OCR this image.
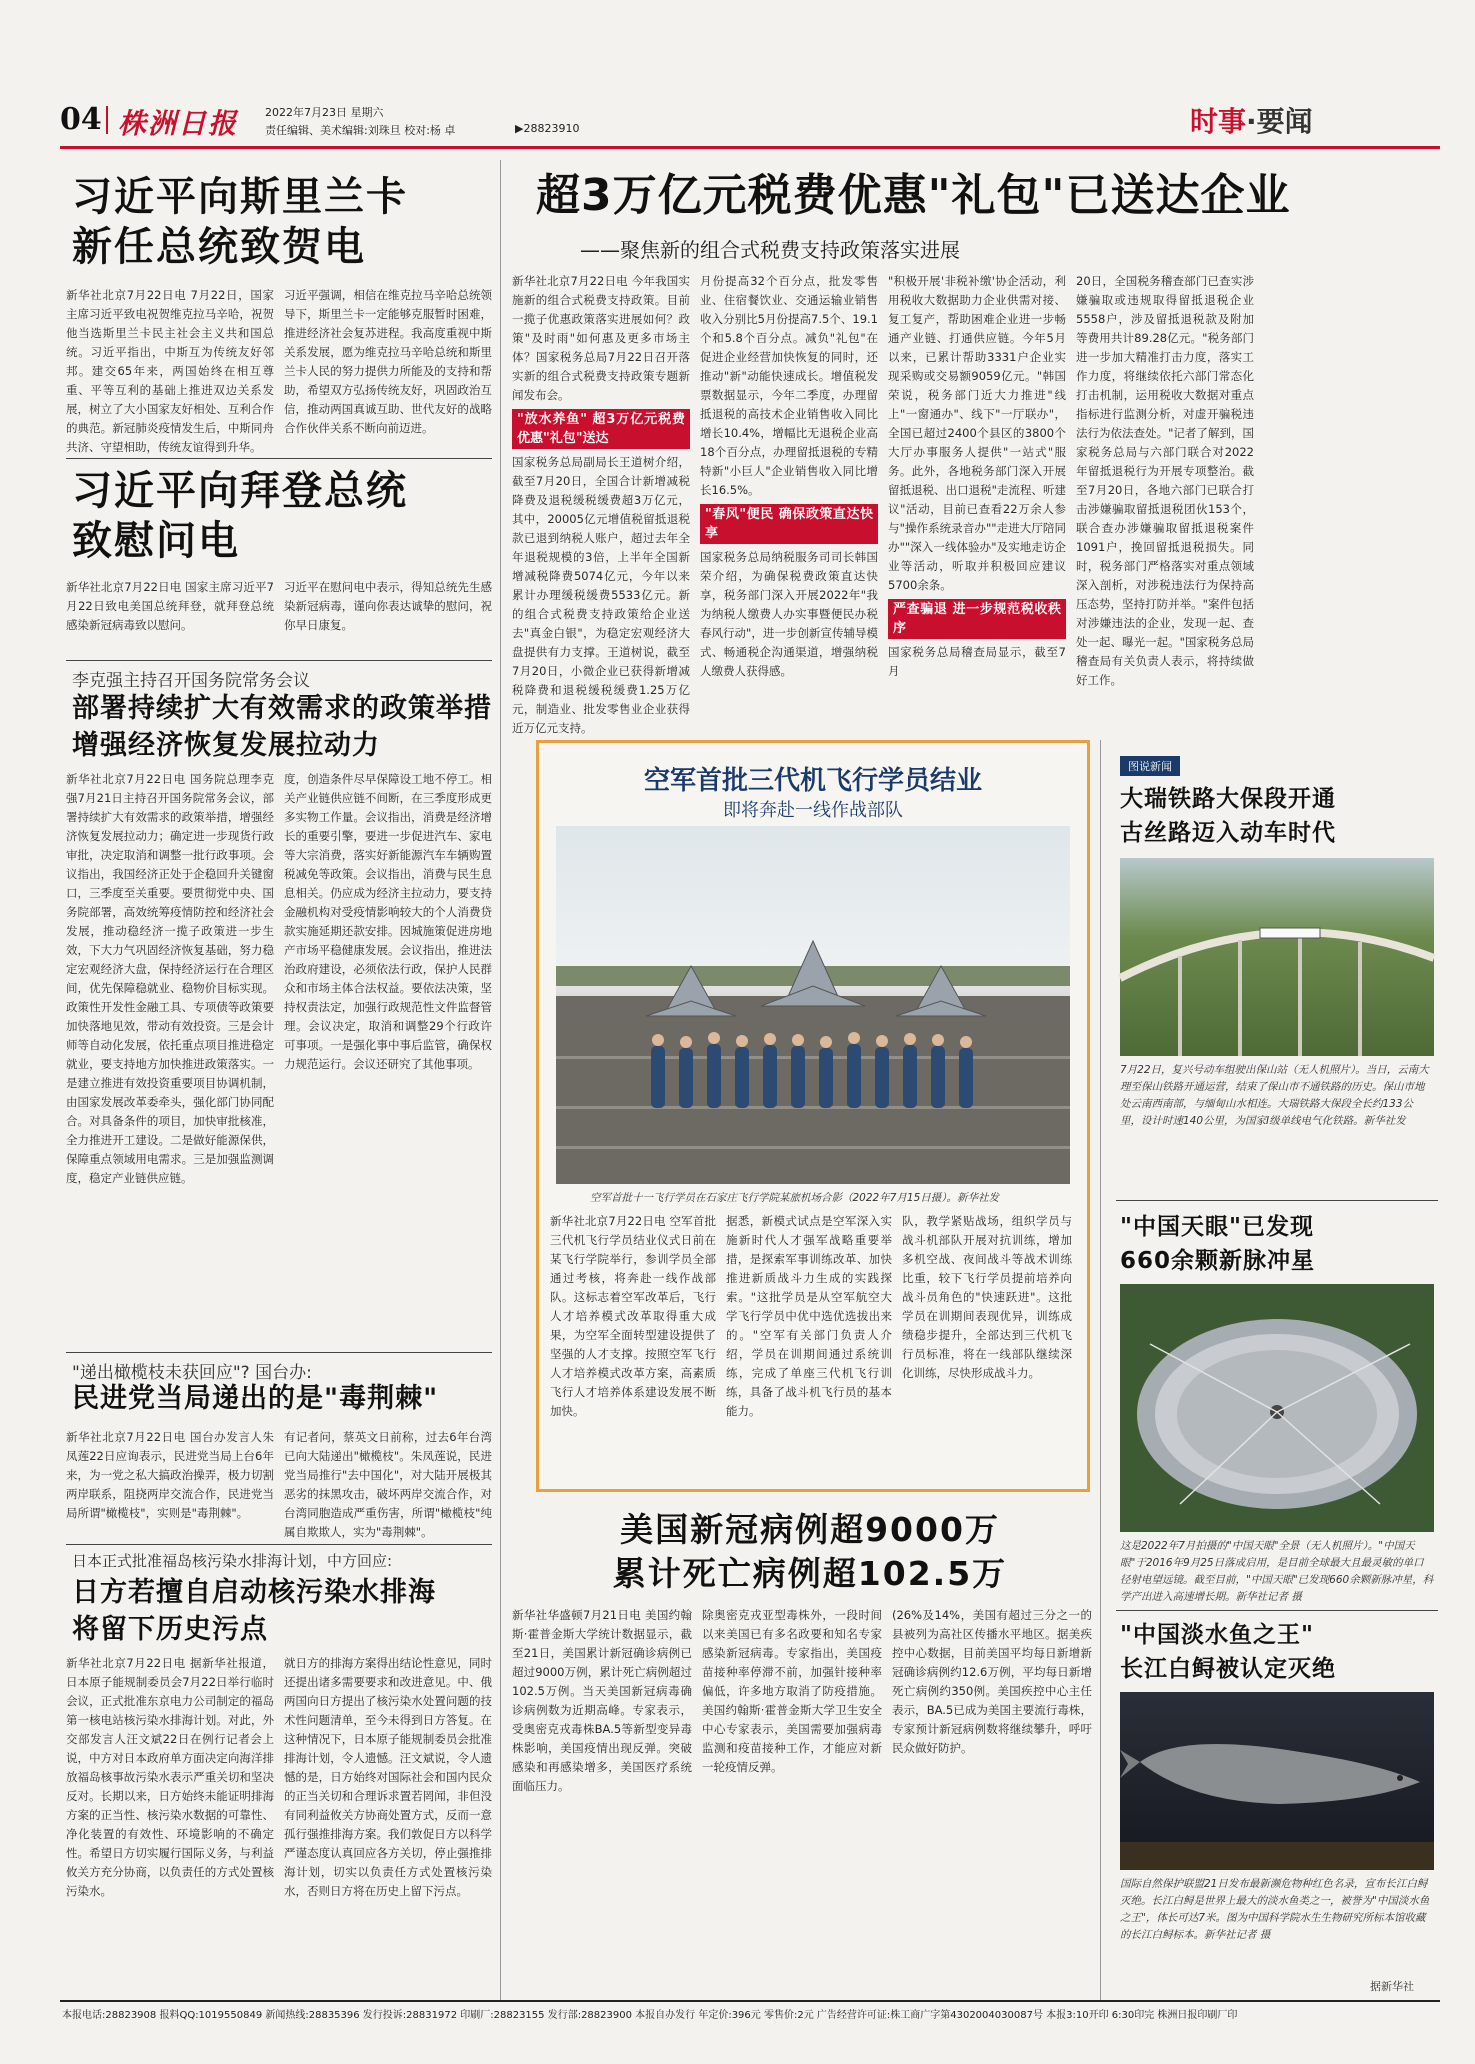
04 株洲日报 2022年7月23日 星期六
责任编辑、美术编辑:刘珠旦 校对:杨 卓	▶28823910	时事·要闻
习近平向斯里兰卡
新任总统致贺电
新华社北京7月22日电 7月22日，国家主席习近平致电祝贺维克拉马辛哈，祝贺他当选斯里兰卡民主社会主义共和国总统。习近平指出，中斯互为传统友好邻邦。建交65年来，两国始终在相互尊重、平等互利的基础上推进双边关系发展，树立了大小国家友好相处、互利合作的典范。新冠肺炎疫情发生后，中斯同舟共济、守望相助，传统友谊得到升华。
习近平强调，相信在维克拉马辛哈总统领导下，斯里兰卡一定能够克服暂时困难，推进经济社会复苏进程。我高度重视中斯关系发展，愿为维克拉马辛哈总统和斯里兰卡人民的努力提供力所能及的支持和帮助，希望双方弘扬传统友好，巩固政治互信，推动两国真诚互助、世代友好的战略合作伙伴关系不断向前迈进。
习近平向拜登总统
致慰问电
新华社北京7月22日电 国家主席习近平7月22日致电美国总统拜登，就拜登总统感染新冠病毒致以慰问。
习近平在慰问电中表示，得知总统先生感染新冠病毒，谨向你表达诚挚的慰问，祝你早日康复。
李克强主持召开国务院常务会议
部署持续扩大有效需求的政策举措
增强经济恢复发展拉动力
新华社北京7月22日电 国务院总理李克强7月21日主持召开国务院常务会议，部署持续扩大有效需求的政策举措，增强经济恢复发展拉动力；确定进一步现货行政审批，决定取消和调整一批行政事项。会议指出，我国经济正处于企稳回升关键窗口，三季度至关重要。要贯彻党中央、国务院部署，高效统筹疫情防控和经济社会发展，推动稳经济一揽子政策进一步生效，下大力气巩固经济恢复基础，努力稳定宏观经济大盘，保持经济运行在合理区间，优先保障稳就业、稳物价目标实现。政策性开发性金融工具、专项债等政策要加快落地见效，带动有效投资。三是会计师等自动化发展，依托重点项目推进稳定就业，要支持地方加快推进政策落实。一是建立推进有效投资重要项目协调机制，由国家发展改革委牵头，强化部门协同配合。对具备条件的项目，加快审批核准，全力推进开工建设。二是做好能源保供，保障重点领域用电需求。三是加强监测调度，稳定产业链供应链。
度，创造条件尽早保障设工地不停工。相关产业链供应链不间断，在三季度形成更多实物工作量。会议指出，消费是经济增长的重要引擎，要进一步促进汽车、家电等大宗消费，落实好新能源汽车车辆购置税减免等政策。会议指出，消费与民生息息相关。仍应成为经济主拉动力，要支持金融机构对受疫情影响较大的个人消费贷款实施延期还款安排。因城施策促进房地产市场平稳健康发展。会议指出，推进法治政府建设，必须依法行政，保护人民群众和市场主体合法权益。要依法决策，坚持权责法定，加强行政规范性文件监督管理。会议决定，取消和调整29个行政许可事项。一是强化事中事后监管，确保权力规范运行。会议还研究了其他事项。
"递出橄榄枝未获回应"? 国台办:
民进党当局递出的是"毒荆棘"
新华社北京7月22日电 国台办发言人朱凤莲22日应询表示，民进党当局上台6年来，为一党之私大搞政治操弄，极力切割两岸联系，阻挠两岸交流合作，民进党当局所谓"橄榄枝"，实则是"毒荆棘"。
有记者问，蔡英文日前称，过去6年台湾已向大陆递出"橄榄枝"。朱凤莲说，民进党当局推行"去中国化"，对大陆开展极其恶劣的抹黑攻击，破坏两岸交流合作，对台湾同胞造成严重伤害，所谓"橄榄枝"纯属自欺欺人，实为"毒荆棘"。
日本正式批准福岛核污染水排海计划，中方回应:
日方若擅自启动核污染水排海
将留下历史污点
新华社北京7月22日电 据新华社报道，日本原子能规制委员会7月22日举行临时会议，正式批准东京电力公司制定的福岛第一核电站核污染水排海计划。对此，外交部发言人汪文斌22日在例行记者会上说，中方对日本政府单方面决定向海洋排放福岛核事故污染水表示严重关切和坚决反对。长期以来，日方始终未能证明排海方案的正当性、核污染水数据的可靠性、净化装置的有效性、环境影响的不确定性。希望日方切实履行国际义务，与利益攸关方充分协商，以负责任的方式处置核污染水。
就日方的排海方案得出结论性意见，同时还提出诸多需要要求和改进意见。中、俄两国向日方提出了核污染水处置问题的技术性问题清单，至今未得到日方答复。在这种情况下，日本原子能规制委员会批准排海计划，令人遗憾。汪文斌说，令人遗憾的是，日方始终对国际社会和国内民众的正当关切和合理诉求置若罔闻，非但没有同利益攸关方协商处置方式，反而一意孤行强推排海方案。我们敦促日方以科学严谨态度认真回应各方关切，停止强推排海计划，切实以负责任方式处置核污染水，否则日方将在历史上留下污点。
超3万亿元税费优惠"礼包"已送达企业
——聚焦新的组合式税费支持政策落实进展
新华社北京7月22日电 今年我国实施新的组合式税费支持政策。目前一揽子优惠政策落实进展如何？政策"及时雨"如何惠及更多市场主体？国家税务总局7月22日召开落实新的组合式税费支持政策专题新闻发布会。
"放水养鱼" 超3万亿元税费优惠"礼包"送达
国家税务总局副局长王道树介绍，截至7月20日，全国合计新增减税降费及退税缓税缓费超3万亿元，其中，20005亿元增值税留抵退税款已退到纳税人账户，超过去年全年退税规模的3倍，上半年全国新增减税降费5074亿元，今年以来累计办理缓税缓费5533亿元。新的组合式税费支持政策给企业送去"真金白银"，为稳定宏观经济大盘提供有力支撑。王道树说，截至7月20日，小微企业已获得新增减税降费和退税缓税缓费1.25万亿元，制造业、批发零售业企业获得近万亿元支持。
月份提高32个百分点，批发零售业、住宿餐饮业、交通运输业销售收入分别比5月份提高7.5个、19.1个和5.8个百分点。减负"礼包"在促进企业经营加快恢复的同时，还推动"新"动能快速成长。增值税发票数据显示，今年二季度，办理留抵退税的高技术企业销售收入同比增长10.4%，增幅比无退税企业高18个百分点，办理留抵退税的专精特新"小巨人"企业销售收入同比增长16.5%。
"春风"便民 确保政策直达快享
国家税务总局纳税服务司司长韩国荣介绍，为确保税费政策直达快享，税务部门深入开展2022年"我为纳税人缴费人办实事暨便民办税春风行动"，进一步创新宣传辅导模式、畅通税企沟通渠道，增强纳税人缴费人获得感。
"积极开展'非税补缴'协企活动，利用税收大数据助力企业供需对接、复工复产，帮助困难企业进一步畅通产业链、打通供应链。今年5月以来，已累计帮助3331户企业实现采购或交易额9059亿元。"韩国荣说，税务部门近大力推进"线上"一窗通办"、线下"一厅联办"，全国已超过2400个县区的3800个大厅办事服务人提供"一站式"服务。此外，各地税务部门深入开展留抵退税、出口退税"走流程、听建议"活动，目前已查看22万余人参与"操作系统录音办""走进大厅陪同办""深入一线体验办"及实地走访企业等活动，听取并积极回应建议5700余条。
严查骗退 进一步规范税收秩序
国家税务总局稽查局显示，截至7月
20日，全国税务稽查部门已查实涉嫌骗取或违规取得留抵退税企业5558户，涉及留抵退税款及附加等费用共计89.28亿元。"税务部门进一步加大精准打击力度，落实工作力度，将继续依托六部门常态化打击机制，运用税收大数据对重点指标进行监测分析，对虚开骗税违法行为依法查处。"记者了解到，国家税务总局与六部门联合对2022年留抵退税行为开展专项整治。截至7月20日，各地六部门已联合打击涉嫌骗取留抵退税团伙153个，联合查办涉嫌骗取留抵退税案件1091户，挽回留抵退税损失。同时，税务部门严格落实对重点领域深入剖析，对涉税违法行为保持高压态势，坚持打防并举。"案件包括对涉嫌违法的企业，发现一起、查处一起、曝光一起。"国家税务总局稽查局有关负责人表示，将持续做好工作。
空军首批三代机飞行学员结业
即将奔赴一线作战部队
空军首批十一飞行学员在石家庄飞行学院某旅机场合影（2022年7月15日摄）。新华社发
新华社北京7月22日电 空军首批三代机飞行学员结业仪式日前在某飞行学院举行，参训学员全部通过考核，将奔赴一线作战部队。这标志着空军改革后，飞行人才培养模式改革取得重大成果，为空军全面转型建设提供了坚强的人才支撑。按照空军飞行人才培养模式改革方案，高素质飞行人才培养体系建设发展不断加快。
据悉，新模式试点是空军深入实施新时代人才强军战略重要举措，是探索军事训练改革、加快推进新质战斗力生成的实践探索。"这批学员是从空军航空大学飞行学员中优中选优选拔出来的。"空军有关部门负责人介绍，学员在训期间通过系统训练，完成了单座三代机飞行训练，具备了战斗机飞行员的基本能力。
队，教学紧贴战场，组织学员与战斗机部队开展对抗训练，增加多机空战、夜间战斗等战术训练比重，较下飞行学员提前培养向战斗员角色的"快速跃进"。这批学员在训期间表现优异，训练成绩稳步提升，全部达到三代机飞行员标准，将在一线部队继续深化训练，尽快形成战斗力。
美国新冠病例超9000万
累计死亡病例超102.5万
新华社华盛顿7月21日电 美国约翰斯·霍普金斯大学统计数据显示，截至21日，美国累计新冠确诊病例已超过9000万例，累计死亡病例超过102.5万例。当天美国新冠病毒确诊病例数为近期高峰。专家表示，受奥密克戎毒株BA.5等新型变异毒株影响，美国疫情出现反弹。突破感染和再感染增多，美国医疗系统面临压力。
除奥密克戎亚型毒株外，一段时间以来美国已有多名政要和知名专家感染新冠病毒。专家指出，美国疫苗接种率停滞不前，加强针接种率偏低，许多地方取消了防疫措施。美国约翰斯·霍普金斯大学卫生安全中心专家表示，美国需要加强病毒监测和疫苗接种工作，才能应对新一轮疫情反弹。
(26%及14%，美国有超过三分之一的县被列为高社区传播水平地区。据美疾控中心数据，目前美国平均每日新增新冠确诊病例约12.6万例，平均每日新增死亡病例约350例。美国疾控中心主任表示，BA.5已成为美国主要流行毒株，专家预计新冠病例数将继续攀升，呼吁民众做好防护。
图说新闻
大瑞铁路大保段开通
古丝路迈入动车时代
7月22日，复兴号动车组驶出保山站（无人机照片）。当日，云南大理至保山铁路开通运营，结束了保山市不通铁路的历史。保山市地处云南西南部，与缅甸山水相连。大瑞铁路大保段全长约133公里，设计时速140公里，为国家Ⅰ级单线电气化铁路。新华社发
"中国天眼"已发现
660余颗新脉冲星
这是2022年7月拍摄的"中国天眼"全景（无人机照片）。"中国天眼"于2016年9月25日落成启用，是目前全球最大且最灵敏的单口径射电望远镜。截至目前，"中国天眼"已发现660余颗新脉冲星，科学产出进入高速增长期。新华社记者 摄
"中国淡水鱼之王"
长江白鲟被认定灭绝
国际自然保护联盟21日发布最新濒危物种红色名录，宣布长江白鲟灭绝。长江白鲟是世界上最大的淡水鱼类之一，被誉为"中国淡水鱼之王"，体长可达7米。图为中国科学院水生生物研究所标本馆收藏的长江白鲟标本。新华社记者 摄
据新华社
本报电话:28823908 报料QQ:1019550849 新闻热线:28835396 发行投诉:28831972 印刷厂:28823155 发行部:28823900 本报自办发行 年定价:396元 零售价:2元 广告经营许可证:株工商广字第4302004030087号 本报3:10开印 6:30印完 株洲日报印刷厂印
